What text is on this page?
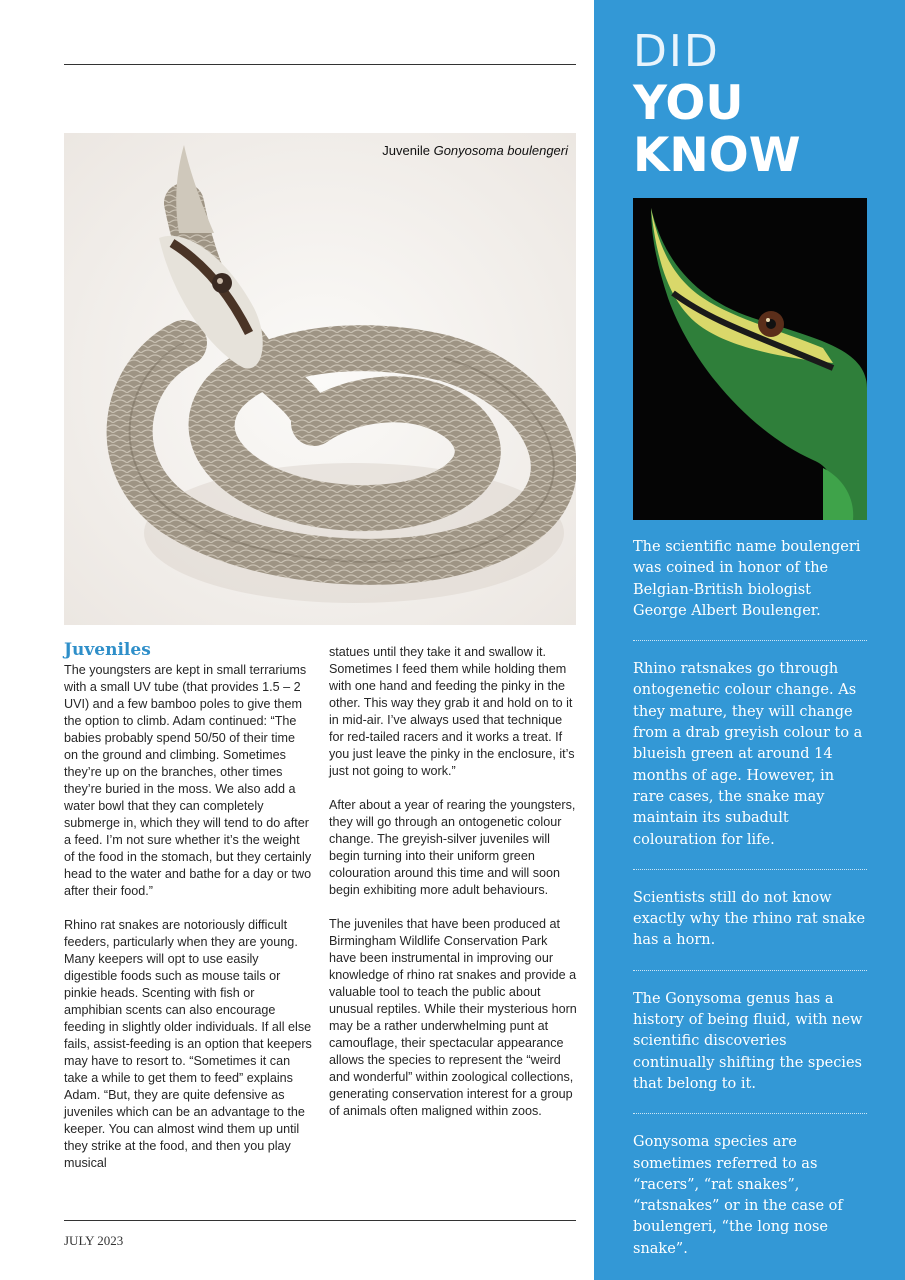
Juvenile Gonyosoma boulengeri
Juveniles

The youngsters are kept in small terrariums with a small UV tube (that provides 1.5 – 2 UVI) and a few bamboo poles to give them the option to climb. Adam continued: “The babies probably spend 50/50 of their time on the ground and climbing. Sometimes they’re up on the branches, other times they’re buried in the moss. We also add a water bowl that they can completely submerge in, which they will tend to do after a feed. I’m not sure whether it’s the weight of the food in the stomach, but they certainly head to the water and bathe for a day or two after their food.”

Rhino rat snakes are notoriously difficult feeders, particularly when they are young. Many keepers will opt to use easily digestible foods such as mouse tails or pinkie heads. Scenting with fish or amphibian scents can also encourage feeding in slightly older individuals. If all else fails, assist-feeding is an option that keepers may have to resort to. “Sometimes it can take a while to get them to feed” explains Adam. “But, they are quite defensive as juveniles which can be an advantage to the keeper. You can almost wind them up until they strike at the food, and then you play musical

statues until they take it and swallow it. Sometimes I feed them while holding them with one hand and feeding the pinky in the other. This way they grab it and hold on to it in mid-air. I’ve always used that technique for red-tailed racers and it works a treat. If you just leave the pinky in the enclosure, it’s just not going to work.”

After about a year of rearing the youngsters, they will go through an ontogenetic colour change. The greyish-silver juveniles will begin turning into their uniform green colouration around this time and will soon begin exhibiting more adult behaviours.

The juveniles that have been produced at Birmingham Wildlife Conservation Park have been instrumental in improving our knowledge of rhino rat snakes and provide a valuable tool to teach the public about unusual reptiles. While their mysterious horn may be a rather underwhelming punt at camouflage, their spectacular appearance allows the species to represent the “weird and wonderful” within zoological collections, generating conservation interest for a group of animals often maligned within zoos.

JULY 2023
DID
YOU
KNOW
The scientific name boulengeri was coined in honor of the Belgian-British biologist George Albert Boulenger.
Rhino ratsnakes go through ontogenetic colour change. As they mature, they will change from a drab greyish colour to a blueish green at around 14 months of age. However, in rare cases, the snake may maintain its subadult colouration for life.
Scientists still do not know exactly why the rhino rat snake has a horn.
The Gonysoma genus has a history of being fluid, with new scientific discoveries continually shifting the species that belong to it.
Gonysoma species are sometimes referred to as “racers”, “rat snakes”, “ratsnakes” or in the case of boulengeri, “the long nose snake”.
